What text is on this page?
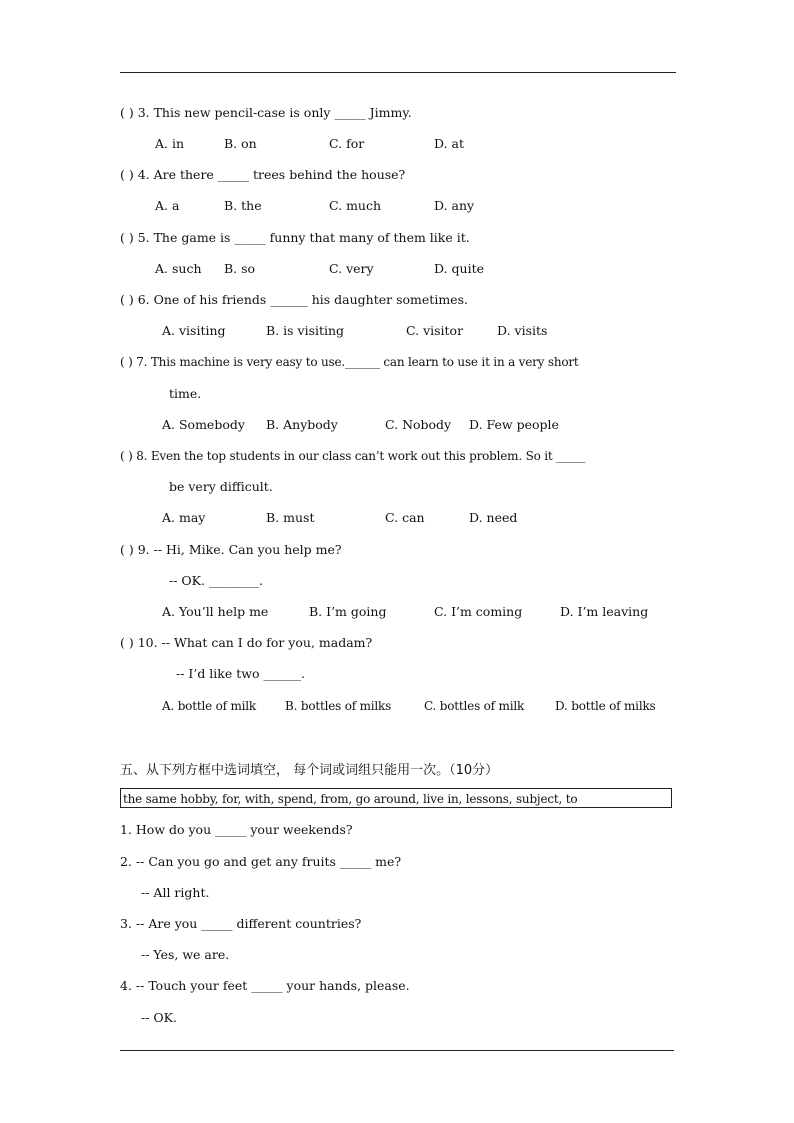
( ) 3. This new pencil-case is only _____ Jimmy.
A. in	B. on	C. for	D. at
( ) 4. Are there _____ trees behind the house?
A. a	B. the	C. much	D. any
( ) 5. The game is _____ funny that many of them like it.
A. such B. so	C. very	D. quite
( ) 6. One of his friends ______ his daughter sometimes.
A. visiting	B. is visiting	C. visitor	D. visits
( ) 7. This machine is very easy to use.______ can learn to use it in a very short
time.
A. Somebody B. Anybody	C. Nobody D. Few people
( ) 8. Even the top students in our class can’t work out this problem. So it _____
be very difficult.
A. may	B. must	C. can	D. need
( ) 9. -- Hi, Mike. Can you help me?
-- OK. ________.
A. You’ll help me	B. I’m going	C. I’m coming	D. I’m leaving
( ) 10. -- What can I do for you, madam?
-- I’d like two ______.
A. bottle of milk B. bottles of milks	C. bottles of milk	D. bottle of milks
五、从下列方框中选词填空， 每个词或词组只能用一次。（10分）
the same hobby, for, with, spend, from, go around, live in, lessons, subject, to
1. How do you _____ your weekends?
2. -- Can you go and get any fruits _____ me?
-- All right.
3. -- Are you _____ different countries?
-- Yes, we are.
4. -- Touch your feet _____ your hands, please.
-- OK.
